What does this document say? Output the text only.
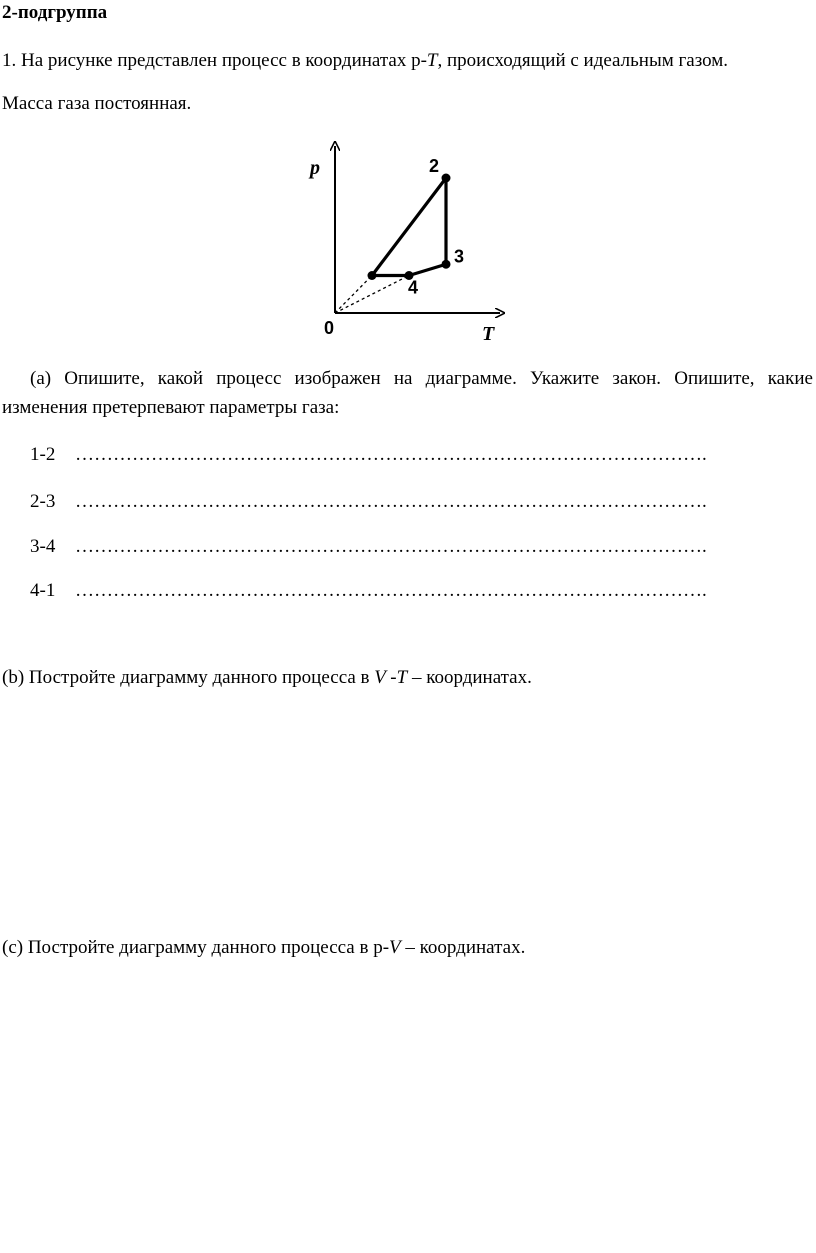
2-подгруппа
1. На рисунке представлен процесс в координатах р-T, происходящий с идеальным газом.
Масса газа постоянная.
p
T
0
2
3
4
(a) Опишите, какой процесс изображен на диаграмме. Укажите закон. Опишите, какие
изменения претерпевают параметры газа:
1-2 ……………………………………………………………………………………….
2-3 ……………………………………………………………………………………….
3-4 ……………………………………………………………………………………….
4-1 ……………………………………………………………………………………….
(b) Постройте диаграмму данного процесса в V -T – координатах.
(c) Постройте диаграмму данного процесса в р-V – координатах.
